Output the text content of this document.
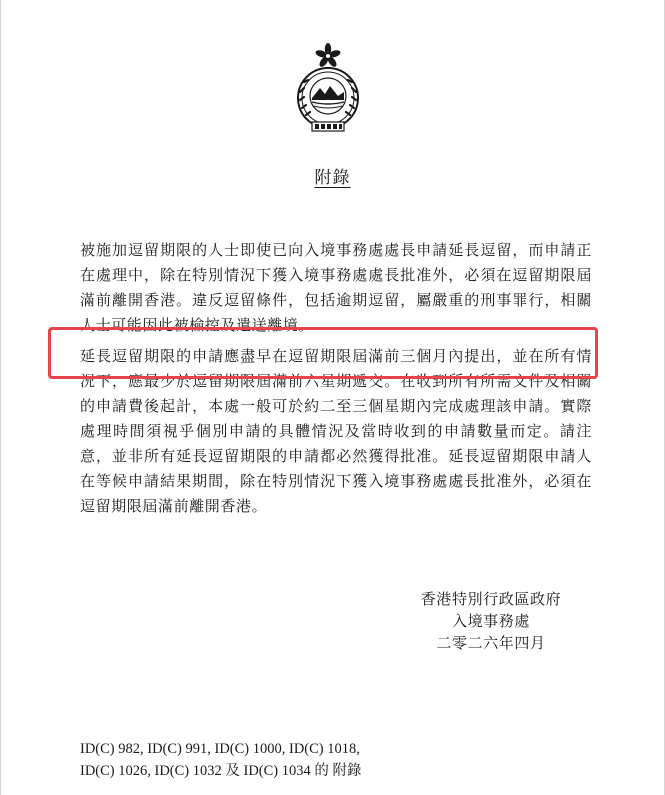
附錄
被施加逗留期限的人士即使已向入境事務處處長申請延長逗留，而申請正在處理中，除在特別情況下獲入境事務處處長批准外，必須在逗留期限屆滿前離開香港。違反逗留條件，包括逾期逗留，屬嚴重的刑事罪行，相關人士可能因此被檢控及遣送離境。
延長逗留期限的申請應盡早在逗留期限屆滿前三個月內提出，並在所有情況下，應最少於逗留期限屆滿前六星期遞交。在收到所有所需文件及相關的申請費後起計，本處一般可於約二至三個星期內完成處理該申請。實際處理時間須視乎個別申請的具體情況及當時收到的申請數量而定。請注意，並非所有延長逗留期限的申請都必然獲得批准。延長逗留期限申請人在等候申請結果期間，除在特別情況下獲入境事務處處長批准外，必須在逗留期限屆滿前離開香港。
香港特別行政區政府
入境事務處
二零二六年四月
ID(C) 982, ID(C) 991, ID(C) 1000, ID(C) 1018,
ID(C) 1026, ID(C) 1032 及 ID(C) 1034 的 附錄
